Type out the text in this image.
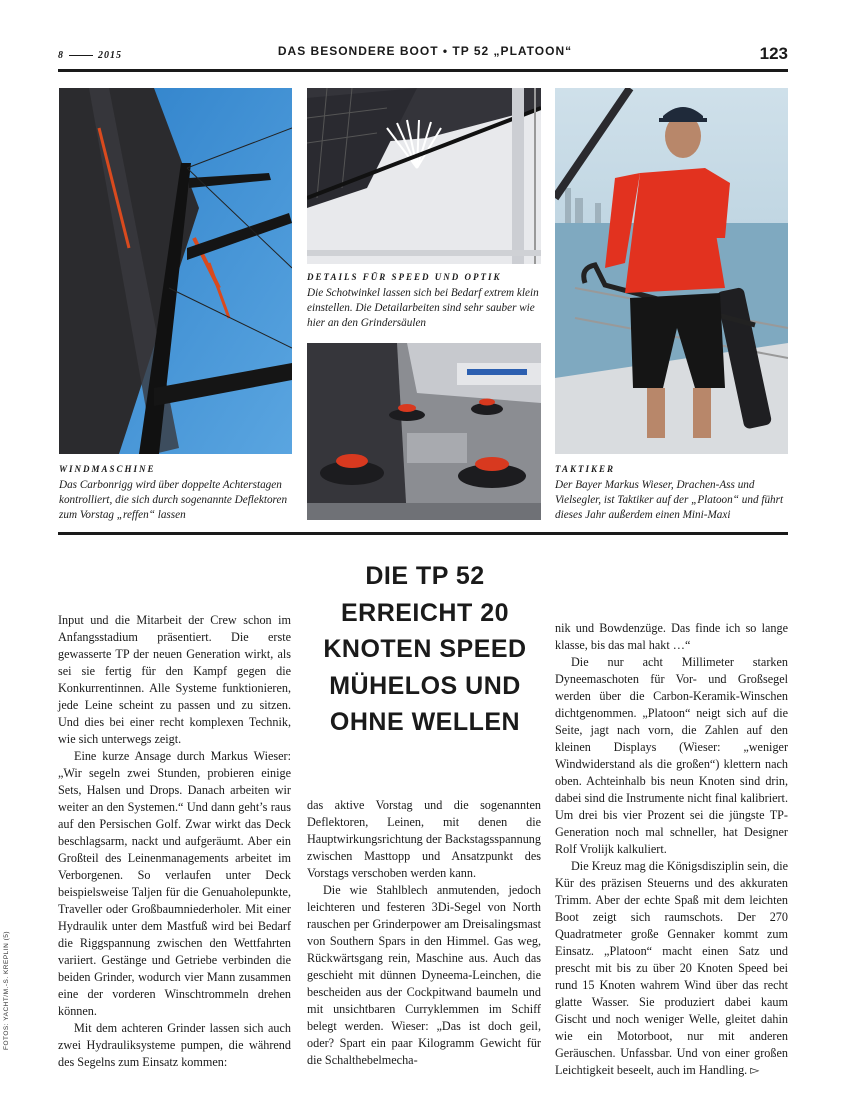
8	2015	DAS BESONDERE BOOT • TP 52 „PLATOON“	123
WINDMASCHINE
Das Carbonrigg wird über doppelte Achterstagen kontrolliert, die sich durch sogenannte Deflektoren zum Vorstag „reffen“ lassen
DETAILS FÜR SPEED UND OPTIK
Die Schotwinkel lassen sich bei Bedarf extrem klein einstellen. Die Detailarbeiten sind sehr sauber wie hier an den Grindersäulen
TAKTIKER
Der Bayer Markus Wieser, Drachen-Ass und Vielsegler, ist Taktiker auf der „Platoon“ und führt dieses Jahr außerdem einen Mini-Maxi
DIE TP 52
ERREICHT 20
KNOTEN SPEED
MÜHELOS UND
OHNE WELLEN

Input und die Mitarbeit der Crew schon im Anfangsstadium präsentiert. Die erste gewasserte TP der neuen Generation wirkt, als sei sie fertig für den Kampf gegen die Konkurrentinnen. Alle Systeme funktionieren, jede Leine scheint zu passen und zu sitzen. Und dies bei einer recht komplexen Technik, wie sich unterwegs zeigt.

Eine kurze Ansage durch Markus Wieser: „Wir segeln zwei Stunden, probieren einige Sets, Halsen und Drops. Danach arbeiten wir weiter an den Systemen.“ Und dann geht’s raus auf den Persischen Golf. Zwar wirkt das Deck beschlagsarm, nackt und aufgeräumt. Aber ein Großteil des Leinenmanagements arbeitet im Verborgenen. So verlaufen unter Deck beispielsweise Taljen für die Genuaholepunkte, Traveller oder Großbaumniederholer. Mit einer Hydraulik unter dem Mastfuß wird bei Bedarf die Riggspannung zwischen den Wettfahrten variiert. Gestänge und Getriebe verbinden die beiden Grinder, wodurch vier Mann zusammen eine der vorderen Winschtrommeln drehen können.

Mit dem achteren Grinder lassen sich auch zwei Hydrauliksysteme pumpen, die während des Segelns zum Einsatz kommen:

das aktive Vorstag und die sogenannten Deflektoren, Leinen, mit denen die Hauptwirkungsrichtung der Backstagsspannung zwischen Masttopp und Ansatzpunkt des Vorstags verschoben werden kann.

Die wie Stahlblech anmutenden, jedoch leichteren und festeren 3Di-Segel von North rauschen per Grinderpower am Dreisalingsmast von Southern Spars in den Himmel. Gas weg, Rückwärtsgang rein, Maschine aus. Auch das geschieht mit dünnen Dyneema-Leinchen, die bescheiden aus der Cockpitwand baumeln und mit unsichtbaren Curryklemmen im Schiff belegt werden. Wieser: „Das ist doch geil, oder? Spart ein paar Kilogramm Gewicht für die Schalthebelmecha-

nik und Bowdenzüge. Das finde ich so lange klasse, bis das mal hakt …“

Die nur acht Millimeter starken Dyneemaschoten für Vor- und Großsegel werden über die Carbon-Keramik-Winschen dichtgenommen. „Platoon“ neigt sich auf die Seite, jagt nach vorn, die Zahlen auf den kleinen Displays (Wieser: „weniger Windwiderstand als die großen“) klettern nach oben. Achteinhalb bis neun Knoten sind drin, dabei sind die Instrumente nicht final kalibriert. Um drei bis vier Prozent sei die jüngste TP-Generation noch mal schneller, hat Designer Rolf Vrolijk kalkuliert.

Die Kreuz mag die Königsdisziplin sein, die Kür des präzisen Steuerns und des akkuraten Trimm. Aber der echte Spaß mit dem leichten Boot zeigt sich raumschots. Der 270 Quadratmeter große Gennaker kommt zum Einsatz. „Platoon“ macht einen Satz und prescht mit bis zu über 20 Knoten Speed bei rund 15 Knoten wahrem Wind über das recht glatte Wasser. Sie produziert dabei kaum Gischt und noch weniger Welle, gleitet dahin wie ein Motorboot, nur mit anderen Geräuschen. Unfassbar. Und von einer großen Leichtigkeit beseelt, auch im Handling. ▻

FOTOS: YACHT/M.-S. KREPLIN (5)
